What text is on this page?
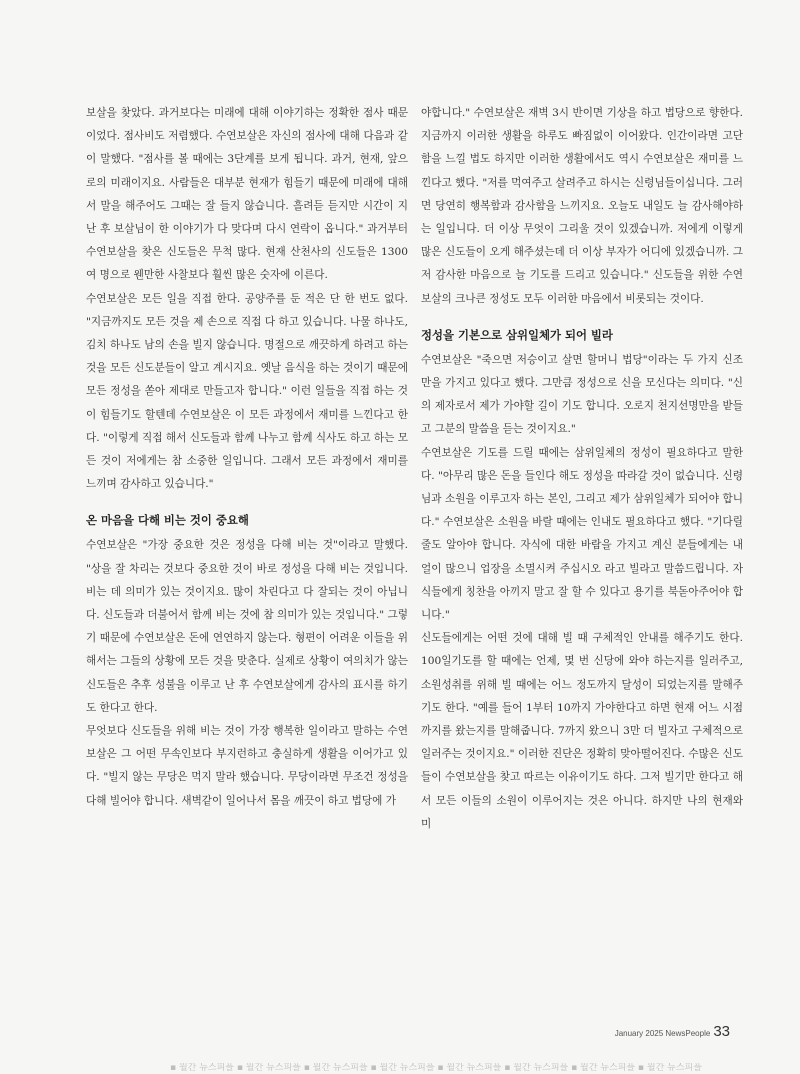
보살을 찾았다. 과거보다는 미래에 대해 이야기하는 정확한 점사 때문이었다. 점사비도 저렴했다. 수연보살은 자신의 점사에 대해 다음과 같이 말했다. "점사를 볼 때에는 3단계를 보게 됩니다. 과거, 현재, 앞으로의 미래이지요. 사람들은 대부분 현재가 힘들기 때문에 미래에 대해서 말을 해주어도 그때는 잘 들지 않습니다. 흘려듣 듣지만 시간이 지난 후 보살님이 한 이야기가 다 맞다며 다시 연락이 옵니다." 과거부터 수연보살을 찾은 신도들은 무척 많다. 현재 산천사의 신도들은 1300여 명으로 웬만한 사찰보다 훨씬 많은 숫자에 이른다.

수연보살은 모든 일을 직접 한다. 공양주를 둔 적은 단 한 번도 없다. "지금까지도 모든 것을 제 손으로 직접 다 하고 있습니다. 나물 하나도, 김치 하나도 남의 손을 빌지 않습니다. 명절으로 깨끗하게 하려고 하는 것을 모든 신도분들이 알고 계시지요. 옛날 음식을 하는 것이기 때문에 모든 정성을 쏟아 제대로 만들고자 합니다." 이런 일들을 직접 하는 것이 힘들기도 할텐데 수연보살은 이 모든 과정에서 재미를 느낀다고 한다. "이렇게 직접 해서 신도들과 함께 나누고 함께 식사도 하고 하는 모든 것이 저에게는 참 소중한 일입니다. 그래서 모든 과정에서 재미를 느끼며 감사하고 있습니다."

온 마음을 다해 비는 것이 중요해

수연보살은 "가장 중요한 것은 정성을 다해 비는 것"이라고 말했다. "상을 잘 차리는 것보다 중요한 것이 바로 정성을 다해 비는 것입니다. 비는 데 의미가 있는 것이지요. 많이 차린다고 다 잘되는 것이 아닙니다. 신도들과 더불어서 함께 비는 것에 참 의미가 있는 것입니다." 그렇기 때문에 수연보살은 돈에 연연하지 않는다. 형편이 어려운 이들을 위해서는 그들의 상황에 모든 것을 맞춘다. 실제로 상황이 여의치가 않는 신도들은 추후 성불을 이루고 난 후 수연보살에게 감사의 표시를 하기도 한다고 한다.

무엇보다 신도들을 위해 비는 것이 가장 행복한 일이라고 말하는 수연보살은 그 어떤 무속인보다 부지런하고 충실하게 생활을 이어가고 있다. "빌지 않는 무당은 먹지 말라 했습니다. 무당이라면 무조건 정성을 다해 빌어야 합니다. 새벽같이 일어나서 몸을 깨끗이 하고 법당에 가

야합니다." 수연보살은 재벽 3시 반이면 기상을 하고 법당으로 향한다. 지금까지 이러한 생활을 하루도 빠짐없이 이어왔다. 인간이라면 고단함을 느낄 법도 하지만 이러한 생활에서도 역시 수연보살은 재미를 느낀다고 했다. "저를 먹여주고 살려주고 하시는 신령님들이십니다. 그러면 당연히 행복함과 감사함을 느끼지요. 오늘도 내일도 늘 감사해야하는 일입니다. 더 이상 무엇이 그리울 것이 있겠습니까. 저에게 이렇게 많은 신도들이 오게 해주셨는데 더 이상 부자가 어디에 있겠습니까. 그저 감사한 마음으로 늘 기도를 드리고 있습니다." 신도들을 위한 수연보살의 크나큰 정성도 모두 이러한 마음에서 비롯되는 것이다.

정성을 기본으로 삼위일체가 되어 빌라

수연보살은 "죽으면 저승이고 살면 할머니 법당"이라는 두 가지 신조만을 가지고 있다고 했다. 그만큼 정성으로 신을 모신다는 의미다. "신의 제자로서 제가 가야할 길이 기도 합니다. 오로지 천지선명만을 받들고 그분의 말씀을 듣는 것이지요."

수연보살은 기도를 드릴 때에는 삼위일체의 정성이 필요하다고 말한다. "아무리 많은 돈을 들인다 해도 정성을 따라갈 것이 없습니다. 신령님과 소원을 이루고자 하는 본인, 그리고 제가 삼위일체가 되어야 합니다." 수연보살은 소원을 바랄 때에는 인내도 필요하다고 했다. "기다릴 줄도 알아야 합니다. 자식에 대한 바람을 가지고 계신 분들에게는 내 얼이 많으니 업장을 소멸시켜 주십시오 라고 빌라고 말씀드립니다. 자식들에게 칭찬을 아끼지 말고 잘 할 수 있다고 용기를 북돋아주어야 합니다."

신도들에게는 어떤 것에 대해 빌 때 구체적인 안내를 해주기도 한다. 100일기도를 할 때에는 언제, 몇 번 신당에 와야 하는지를 일러주고, 소원성취를 위해 빌 때에는 어느 정도까지 달성이 되었는지를 말해주기도 한다. "예를 들어 1부터 10까지 가야한다고 하면 현재 어느 시점까지를 왔는지를 말해줍니다. 7까지 왔으니 3만 더 빌자고 구체적으로 일러주는 것이지요." 이러한 진단은 정확히 맞아떨어진다. 수많은 신도들이 수연보살을 찾고 따르는 이유이기도 하다. 그저 빌기만 한다고 해서 모든 이들의 소원이 이루어지는 것은 아니다. 하지만 나의 현재와 미

January 2025 NewsPeople 33
▪ 월간 뉴스피플 ▪ 월간 뉴스피플 ▪ 월간 뉴스피플 ▪ 월간 뉴스피플 ▪ 월간 뉴스피플 ▪ 월간 뉴스피플 ▪ 월간 뉴스피플 ▪ 월간 뉴스피플
